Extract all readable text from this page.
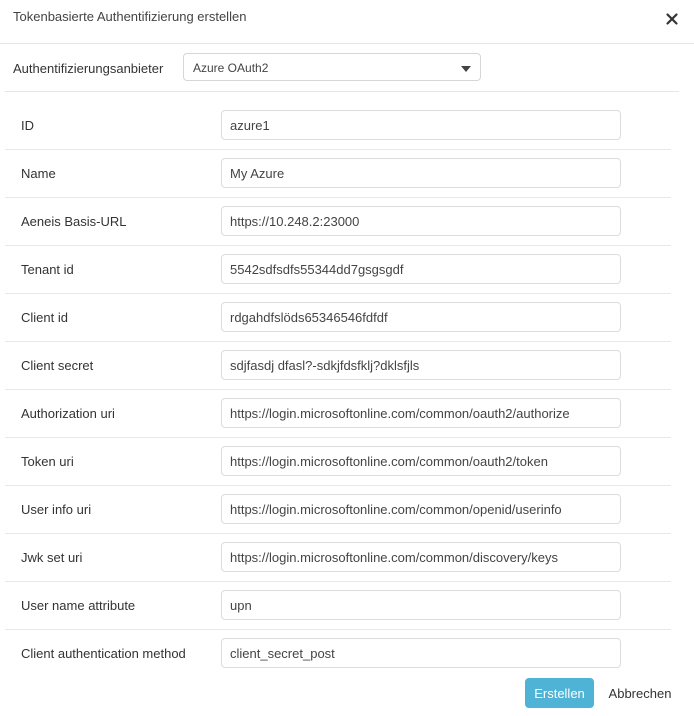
Tokenbasierte Authentifizierung erstellen
Authentifizierungsanbieter Azure OAuth2
ID
azure1
Name
My Azure
Aeneis Basis-URL
https://10.248.2:23000
Tenant id
5542sdfsdfs55344dd7gsgsgdf
Client id
rdgahdfslöds65346546fdfdf
Client secret
sdjfasdj dfasl?-sdkjfdsfklj?dklsfjls
Authorization uri
https://login.microsoftonline.com/common/oauth2/authorize
Token uri
https://login.microsoftonline.com/common/oauth2/token
User info uri
https://login.microsoftonline.com/common/openid/userinfo
Jwk set uri
https://login.microsoftonline.com/common/discovery/keys
User name attribute
upn
Client authentication method
client_secret_post
Erstellen	Abbrechen
